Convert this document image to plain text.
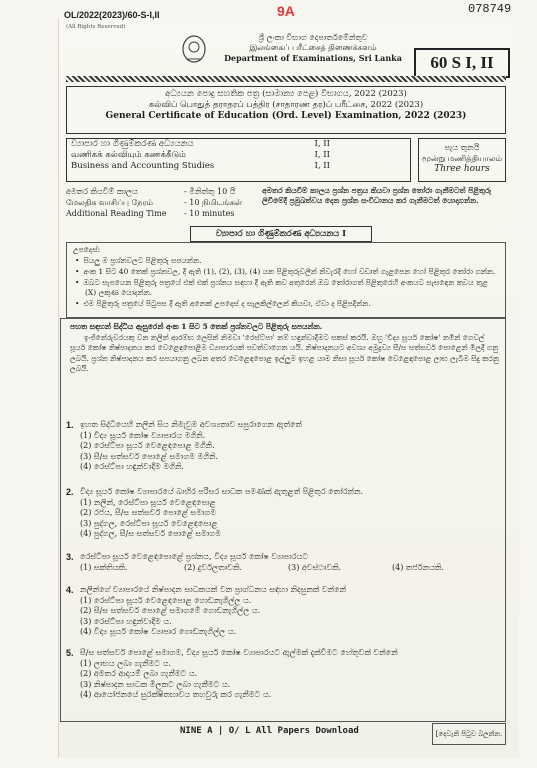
OL/2022(2023)/60-S-I,II	9A	078749
(All Rights Reserved)
ශ්‍රී ලංකා විභාග දෙපාර්තමේන්තුව
இலங்கைப் பரீட்சைத் திணைக்களம்
Department of Examinations, Sri Lanka	60 S I, II
අධ්‍යයන පොදු සහතික පත්‍ර (සාමාන්‍ය පෙළ) විභාගය, 2022 (2023)
கல்விப் பொதுத் தராதரப் பத்திர (சாதாரண தர)ப் பரீட்சை, 2022 (2023)
General Certificate of Education (Ord. Level) Examination, 2022 (2023)
ව්‍යාපාර හා ගිණුම්කරණ අධ්‍යයනය	I, II
வணிகக் கல்வியும் கணக்கீடும்	I, II
Business and Accounting Studies	I, II
පැය තුනයි
மூன்று மணித்தியாலம்
Three hours
අමතර කියවීම් කාලය	- මිනිත්තු 10 යි
மேலதிக வாசிப்பு நேரம்	- 10 நிமிடங்கள்
Additional Reading Time	- 10 minutes
අමතර කියවීම් කාලය ප්‍රශ්න පත්‍රය කියවා ප්‍රශ්න තෝරා ගැනීමටත් පිළිතුරු ලිවීමේදී ප්‍රමුඛත්වය දෙන ප්‍රශ්න සංවිධානය කර ගැනීමටත් යොදාගන්න.
ව්‍යාපාර හා ගිණුම්කරණ අධ්‍යයනය I
උපදෙස්:
• සියලු ම ප්‍රශ්නවලට පිළිතුරු සපයන්න.
• අංක 1 සිට 40 තෙක් ප්‍රශ්නවල, දී ඇති (1), (2), (3), (4) යන පිළිතුරුවලින් නිවැරදි හෝ වඩාත් ගැළපෙන හෝ පිළිතුර තෝරා ගන්න.
• ඔබට සැපයෙන පිළිතුරු පත්‍රයේ එක් එක් ප්‍රශ්නය සඳහා දී ඇති කව අතුරෙන් ඔබ තෝරාගත් පිළිතුරෙහි අංකයට සැසඳෙන කවය තුළ (X) ලකුණ යොදන්න.
• එම පිළිතුරු පත්‍රයේ පිටුපස දී ඇති අනෙක් උපදෙස් ද සැලකිල්ලෙන් කියවා, ඒවා ද පිළිපදින්න.
පහත සඳහන් සිද්ධිය ඇසුරෙන් අංක 1 සිට 5 තෙක් ප්‍රශ්නවලට පිළිතුරු සපයන්න.
ඉංජිනේරුවරයකු වන නලින් ආරම්භ ලෙසින් නිමවා 'රෙස්ට්පා' නම් හඳුන්වාදීමට සකස් කරයි. ඔහු 'විද්‍ය සූර්ය කෝෂ' නමින් ගෙවල් සූර්ය කෝෂ නිෂ්පාදනය කර වෙළෙඳපොළීම ව්‍යාපාරයක් පවත්වාගෙන යයි. නිෂ්පාදනයට අවශ්‍ය අමුද්‍රව්‍ය සී/ස සත්සර්ව පොළෙන් මිලදී ගනු ලබයි. ප්‍රශ්න නිෂ්පාදනය කර සපයාගනු ලබන අතර වෙළෙඳපොළ ඉල්ලුම ඉහළ යාම නිසා සූර්ය කෝෂ වෙළෙඳපොළ ලාභ ලැබීම සිදු කරනු ලබයි.
1. ඉහත සිද්ධියෙහි නලින් සිය නිමැවුම අවශ්‍යතාව සපුරාගෙන ඇත්තේ
(1) විද්‍ය සූර්ය කෝෂ ව්‍යාපාරය මගිනි.
(2) රෙස්ට්පා සූර්ය වෙළෙඳපොළ මගිනි.
(3) සී/ස සත්සර්ව පොළේ සමාගම මගිනි.
(4) රෙස්ට්පා හඳුන්වාදීම මගිනි.
2. විද්‍ය සූර්ය කෝෂ ව්‍යාපාරයේ බාහිර පරිසර සාධක පමණක් ඇතුළත් පිළිතුර තෝරන්න.
(1) නලින්, රෙස්ට්පා සූර්ය වෙළෙඳපොළ
(2) රජය, සී/ස සත්සර්ව පොළේ සමාගම
(3) පුද්ගල, රෙස්ට්පා සූර්ය වෙළෙඳපොළ
(4) පුද්ගල, සී/ස සත්සර්ව පොළේ සමාගම
3. රෙස්ට්පා සූර්ය වෙළෙඳපොළේ ප්‍රශ්නය, විද්‍ය සූර්ය කෝෂ ව්‍යාපාරයට
(1) සක්තියකි.	(2) දුර්වලතාවකි.	(3) අවස්ථාවකි.	(4) තර්ජනයකි.
4. නලින්ගේ ව්‍යාපාරයේ නිෂ්පාදන සාධකයක් වන ප්‍රාග්ධනය සඳහා නිදසුනක් වන්නේ
(1) රෙස්ට්පා සූර්ය වෙළෙඳපොළ ගොඩනැගිල්ල ය.
(2) සී/ස සත්සර්ව පොළේ සමාගමේ ගොඩනැගිල්ල ය.
(3) රෙස්ට්පා හඳුන්වාදීම ය.
(4) විද්‍ය සූර්ය කෝෂ ව්‍යාපාර ගොඩනැගිල්ල ය.
5. සී/ස සත්සර්ව පොළේ සමාගම, විද්‍ය සූර්ය කෝෂ ව්‍යාපාරයට ඇල්මක් දැක්වීමට හේතුවක් වන්නේ
(1) ලාභය ලබා ගැනීමට ය.
(2) අමතර ආදායම් ලබා ගැනීමට ය.
(3) නිෂ්පාදන සාධක මිලකට ලබා ගැනීමට ය.
(4) ආයෝජනයේ සුරක්ෂිතභාවය තහවුරු කර ගැනීමට ය.
NINE A | O/ L All Papers Download	[දෙවැනි පිටුව බලන්න.
